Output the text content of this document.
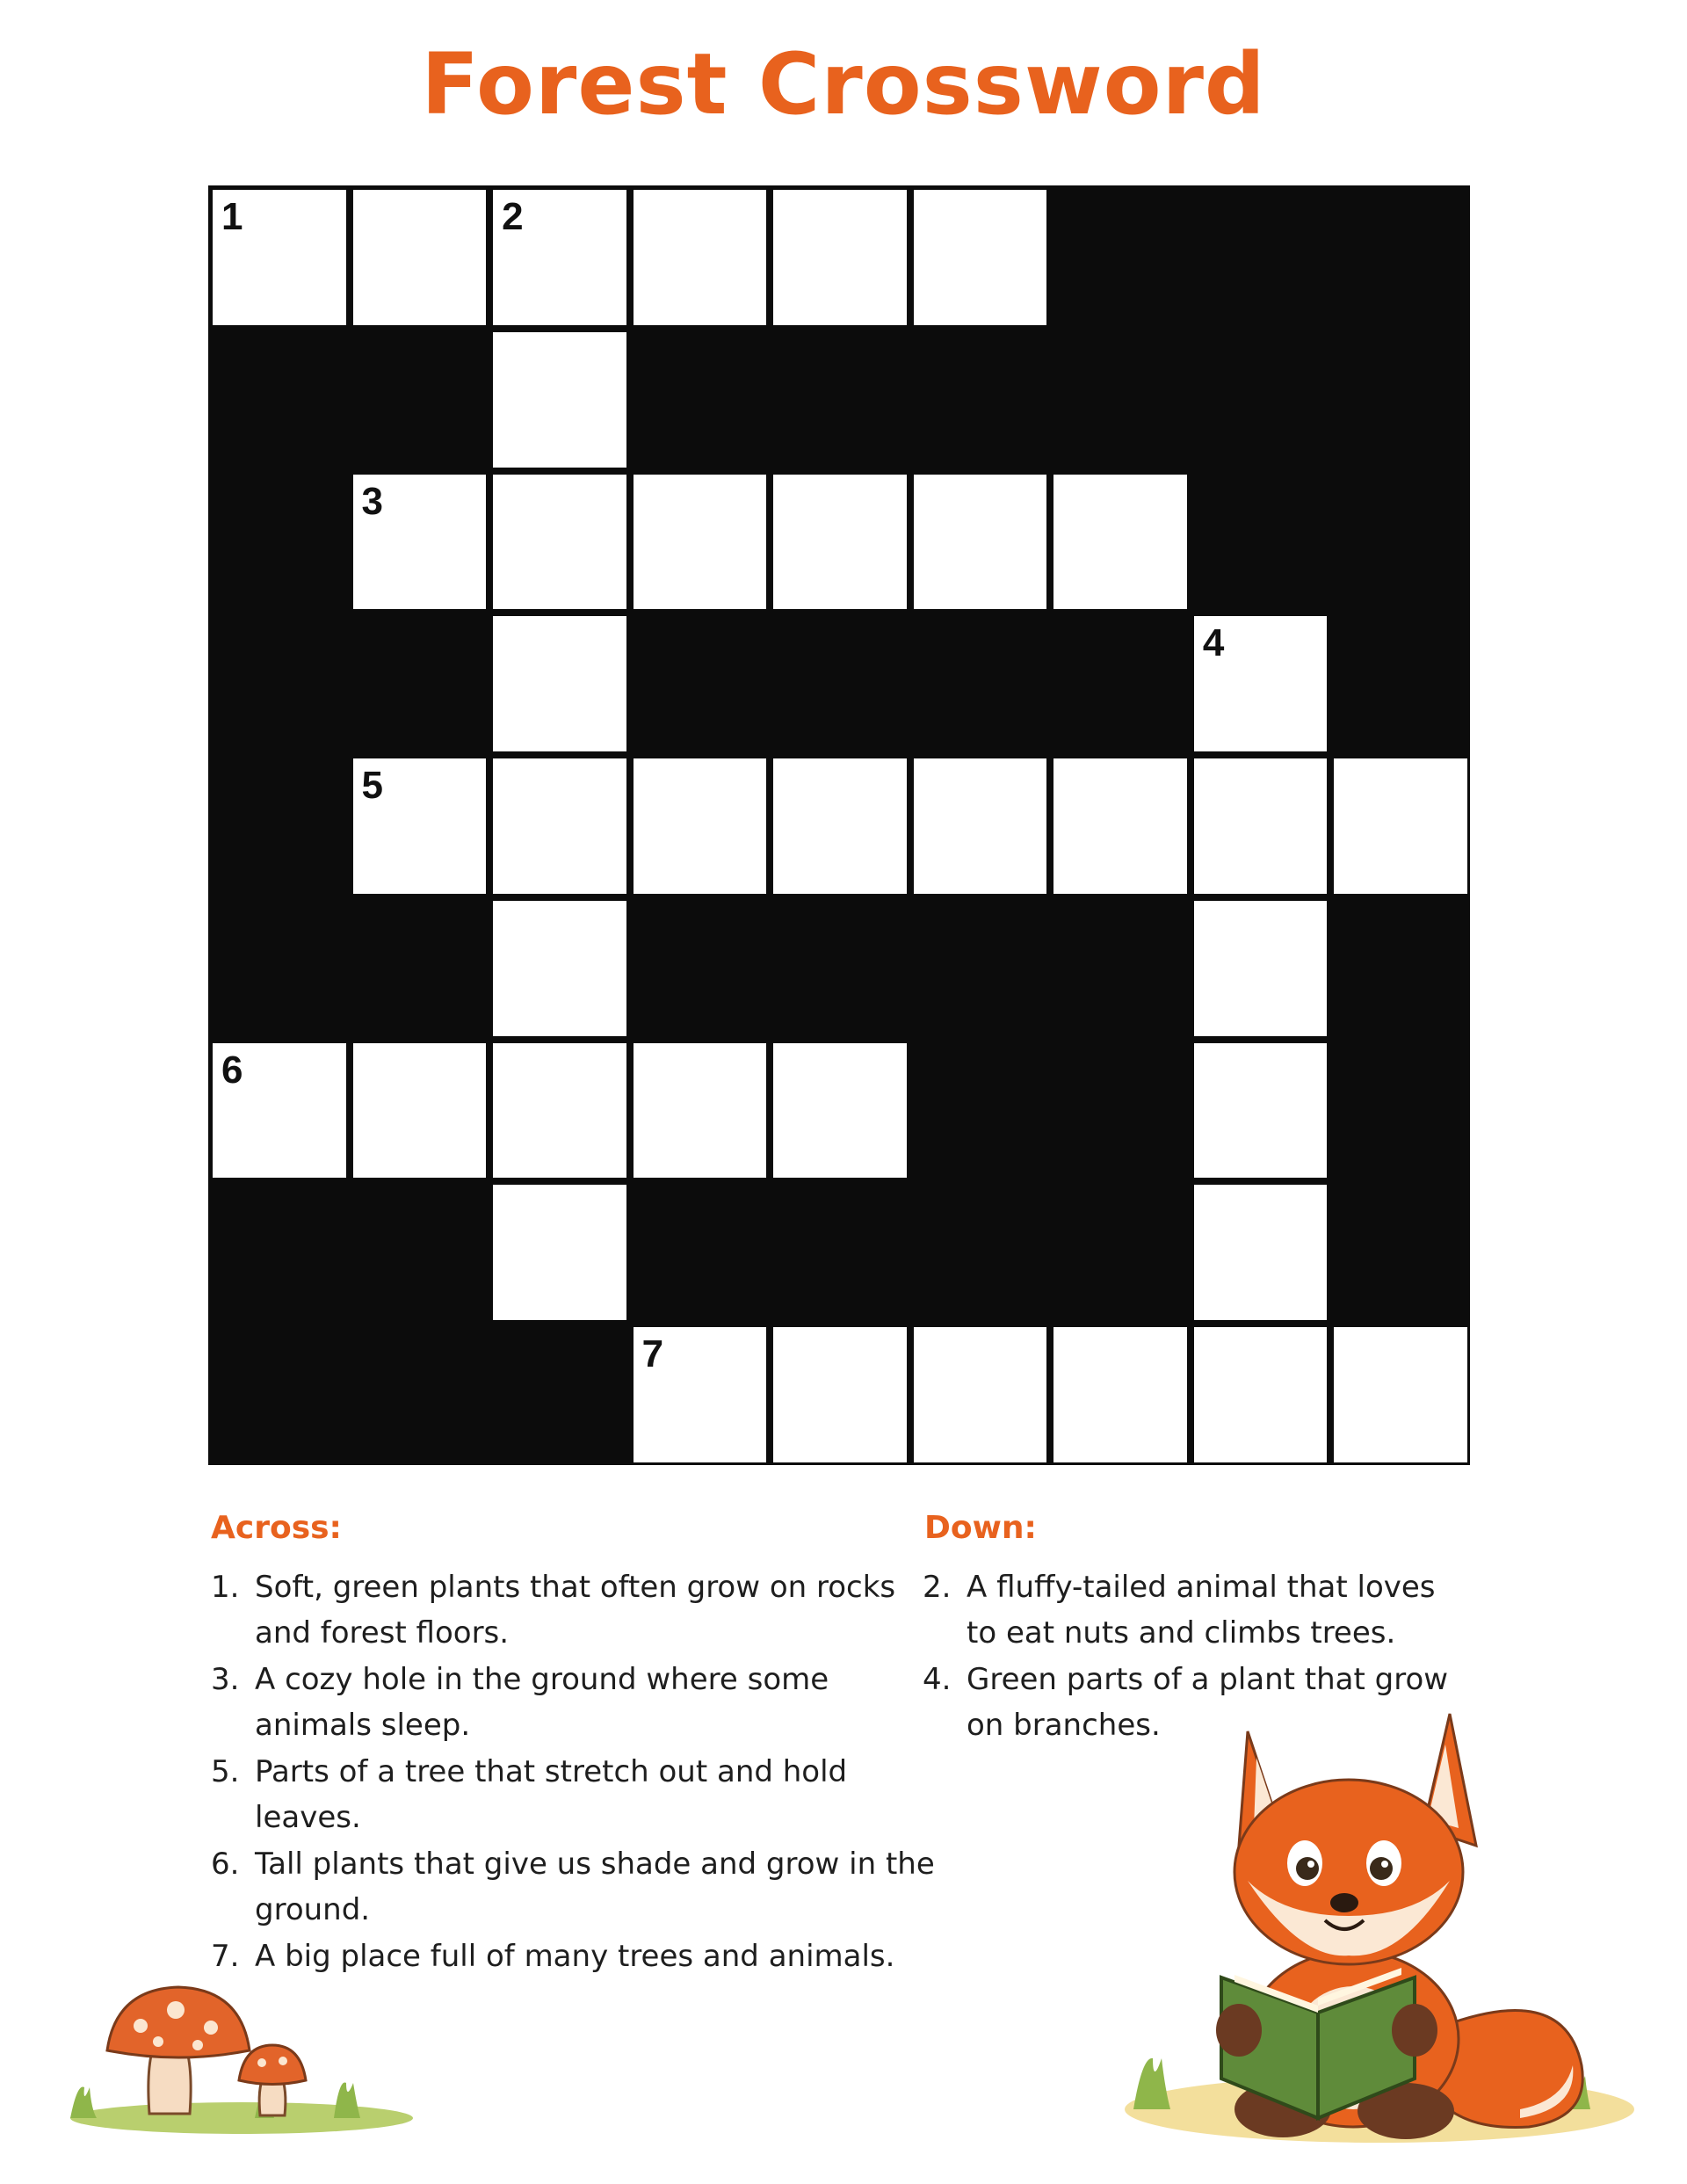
Forest Crossword
1	2
3
4
5
6
7
Across:
1. Soft, green plants that often grow on rocks and forest floors.
3. A cozy hole in the ground where some animals sleep.
5. Parts of a tree that stretch out and hold leaves.
6. Tall plants that give us shade and grow in the ground.
7. A big place full of many trees and animals.
Down:
2. A fluffy-tailed animal that loves to eat nuts and climbs trees.
4. Green parts of a plant that grow on branches.
